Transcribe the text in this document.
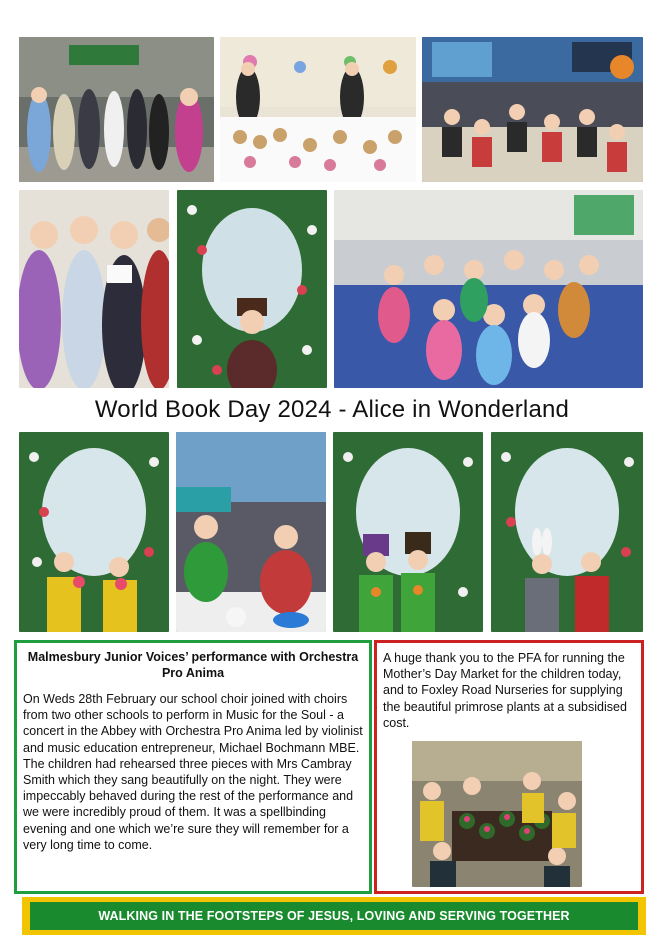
World Book Day 2024 - Alice in Wonderland
Malmesbury Junior Voices’ performance with Orchestra Pro Anima

On Weds 28th February our school choir joined with choirs from two other schools to perform in Music for the Soul - a concert in the Abbey with Orchestra Pro Anima led by violinist and music education entrepreneur, Michael Bochmann MBE. The children had rehearsed three pieces with Mrs Cambray Smith which they sang beautifully on the night. They were impeccably behaved during the rest of the performance and we were incredibly proud of them. It was a spellbinding evening and one which we’re sure they will remember for a very long time to come.

A huge thank you to the PFA for running the Mother’s Day Market for the children today, and to Foxley Road Nurseries for supplying the beautiful primrose plants at a subsidised cost.

WALKING IN THE FOOTSTEPS OF JESUS, LOVING AND SERVING TOGETHER
